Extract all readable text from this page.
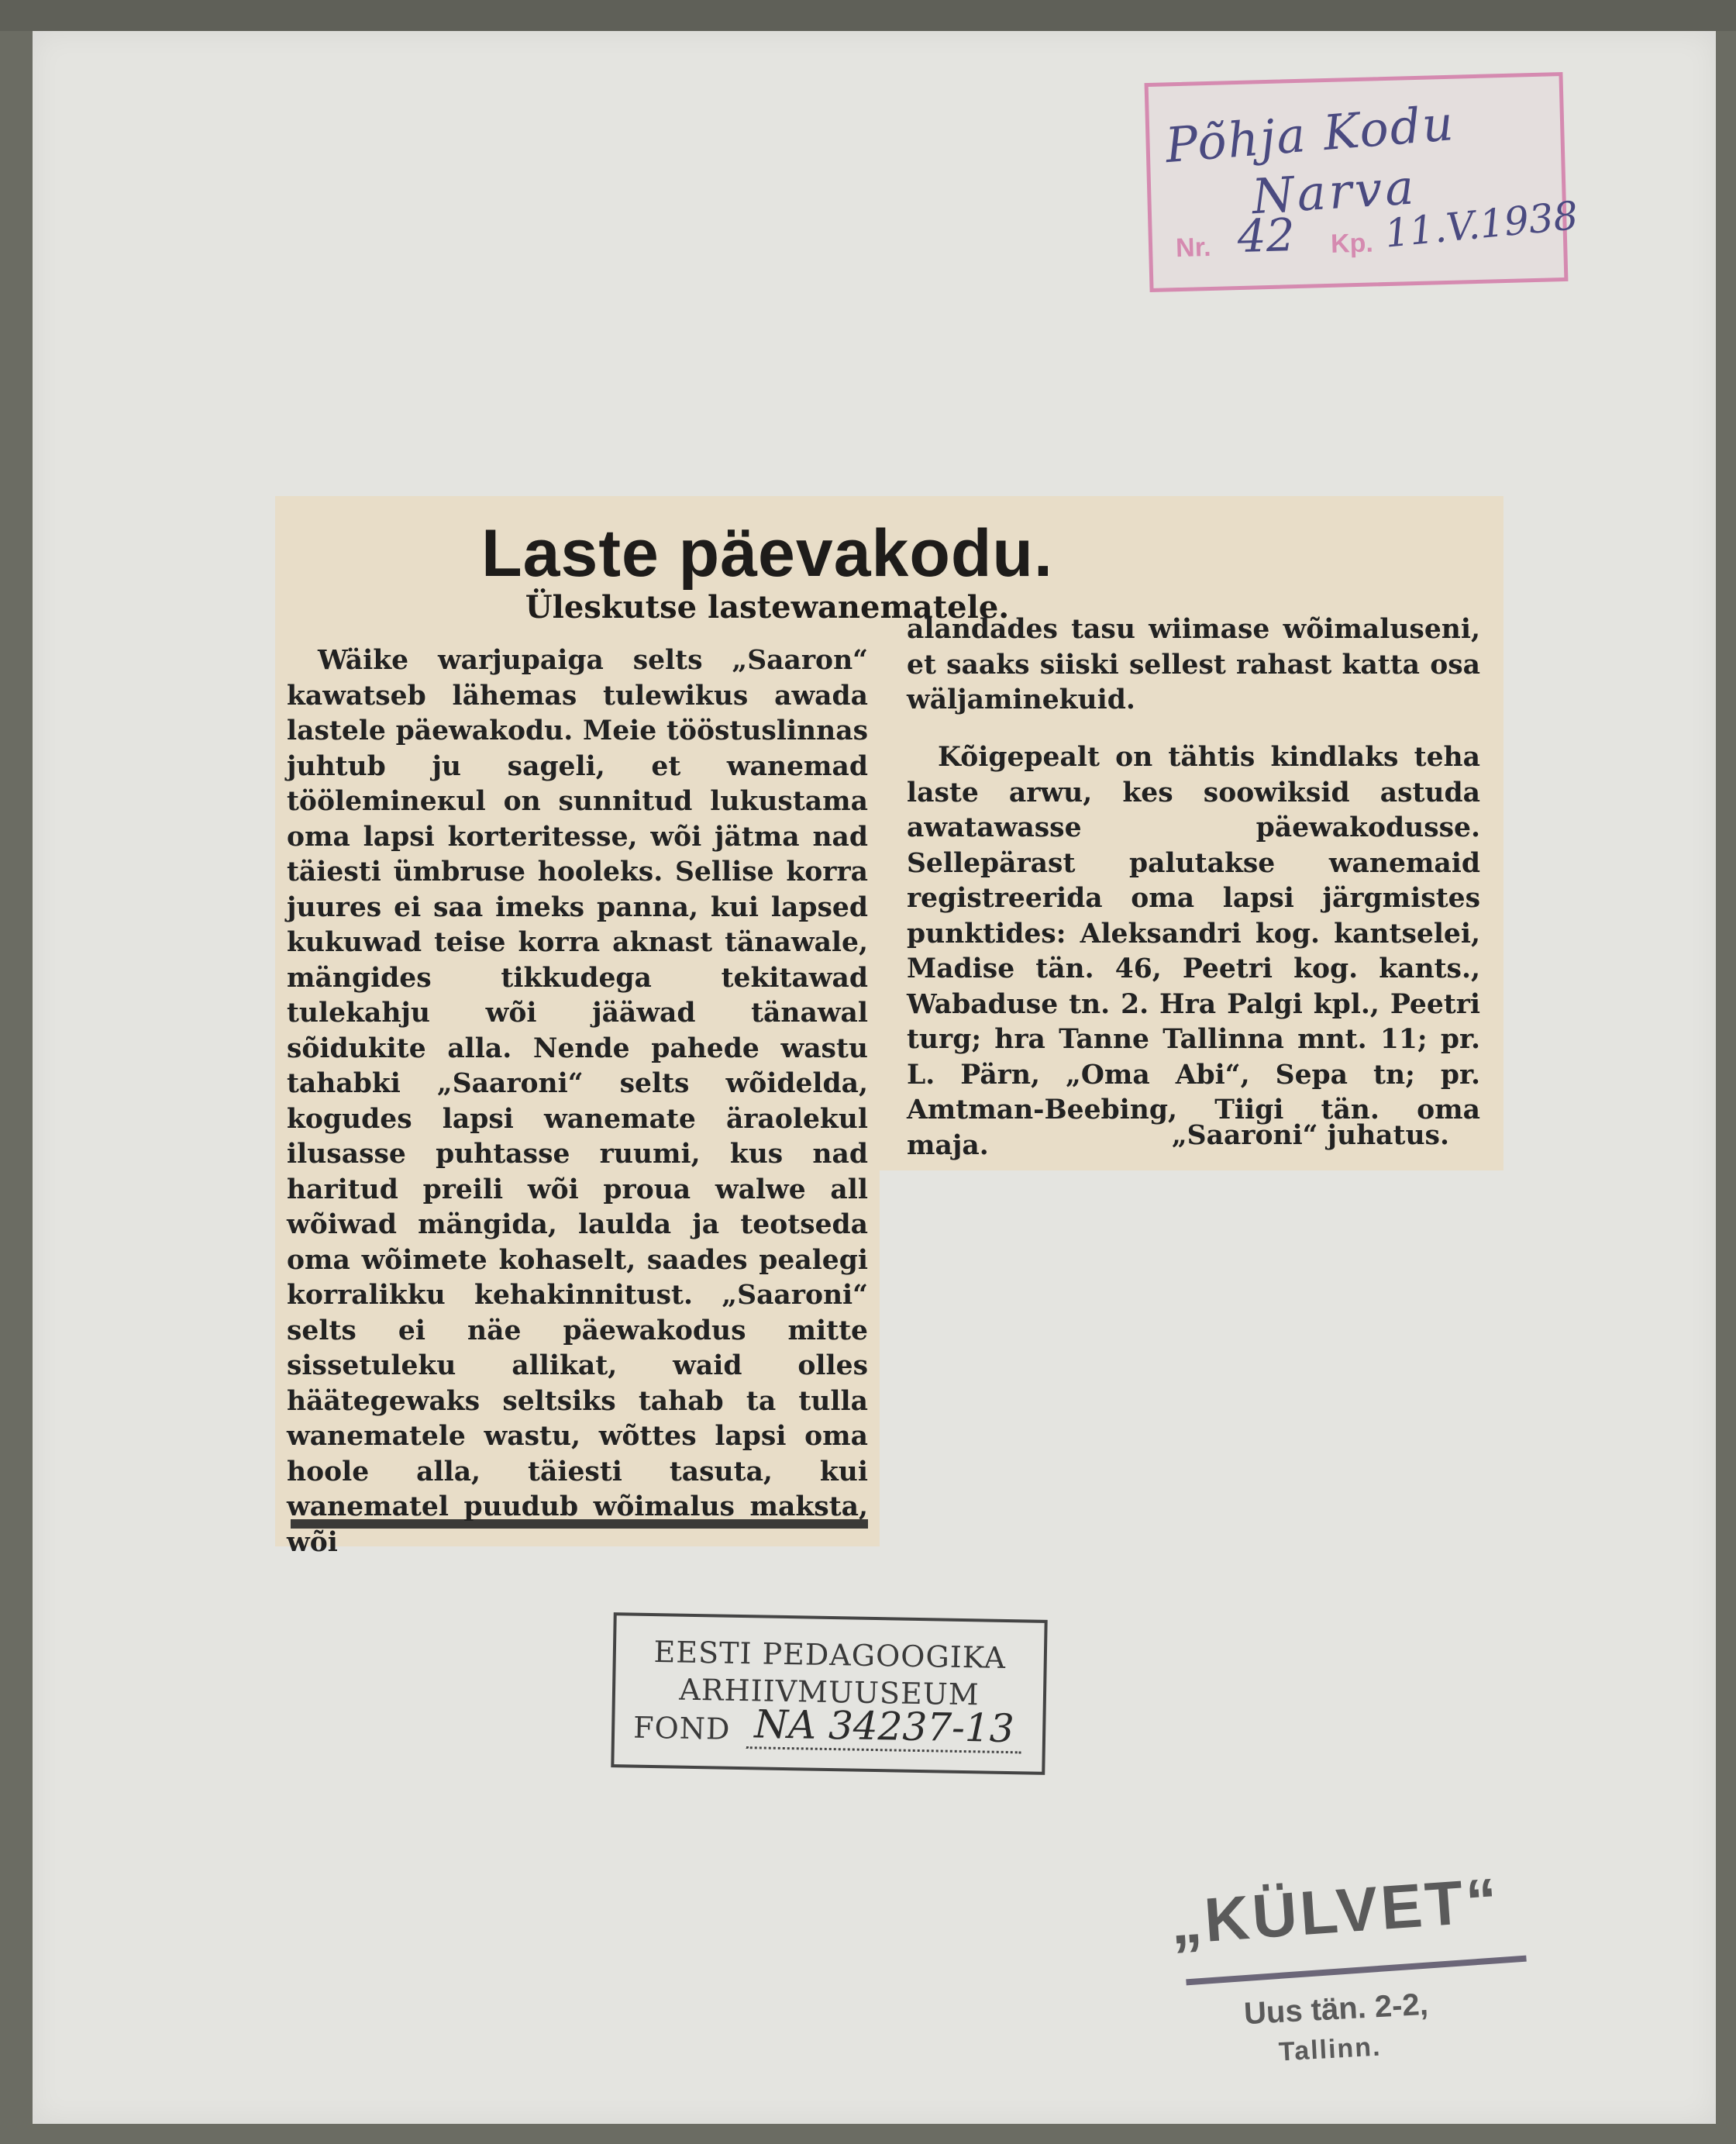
Põhja Kodu
Narva
Nr. 42 Kp. 11.V.1938
Laste päevakodu.
Üleskutse lastewanematele.
Wäike warjupaiga selts „Saaron“ kawatseb lähemas tulewikus awada lastele päewakodu. Meie tööstuslinnas juhtub ju sageli, et wanemad töölemineкul on sunnitud lukustama oma lapsi korteritesse, wõi jätma nad täiesti ümbruse hooleks. Sellise korra juures ei saa imeks panna, kui lapsed kukuwad teise korra aknast tänawale, mängides tikkudega tekitawad tulekahju wõi jääwad tänawal sõidukite alla. Nende pahede wastu tahabki „Saaroni“ selts wõidelda, kogudes lapsi wanemate äraolekul ilusasse puhtasse ruumi, kus nad haritud preili wõi proua walwe all wõiwad mängida, laulda ja teotseda oma wõimete kohaselt, saades pealegi korralikku kehakinnitust. „Saaroni“ selts ei näe päewakodus mitte sissetuleku allikat, waid olles häätegewaks seltsiks tahab ta tulla wanematele wastu, wõttes lapsi oma hoole alla, täiesti tasuta, kui wanematel puudub wõimalus maksta, wõi
alandades tasu wiimase wõimaluseni, et saaks siiski sellest rahast katta osa wäljaminekuid.
Kõigepealt on tähtis kindlaks teha laste arwu, kes soowiksid astuda awatawasse päewakodusse. Sellepärast palutakse wanemaid registreerida oma lapsi järgmistes punktides: Aleksandri kog. kantselei, Madise tän. 46, Peetri kog. kants., Wabaduse tn. 2. Hra Palgi kpl., Peetri turg; hra Tanne Tallinna mnt. 11; pr. L. Pärn, „Oma Abi“, Sepa tn; pr. Amtman-Beebing, Tiigi tän. oma maja.	„Saaroni“ juhatus.
EESTI PEDAGOOGIKA
ARHIIVMUUSEUM
FOND NA 34237-13
„KÜLVET“
Uus tän. 2-2,
Tallinn.
